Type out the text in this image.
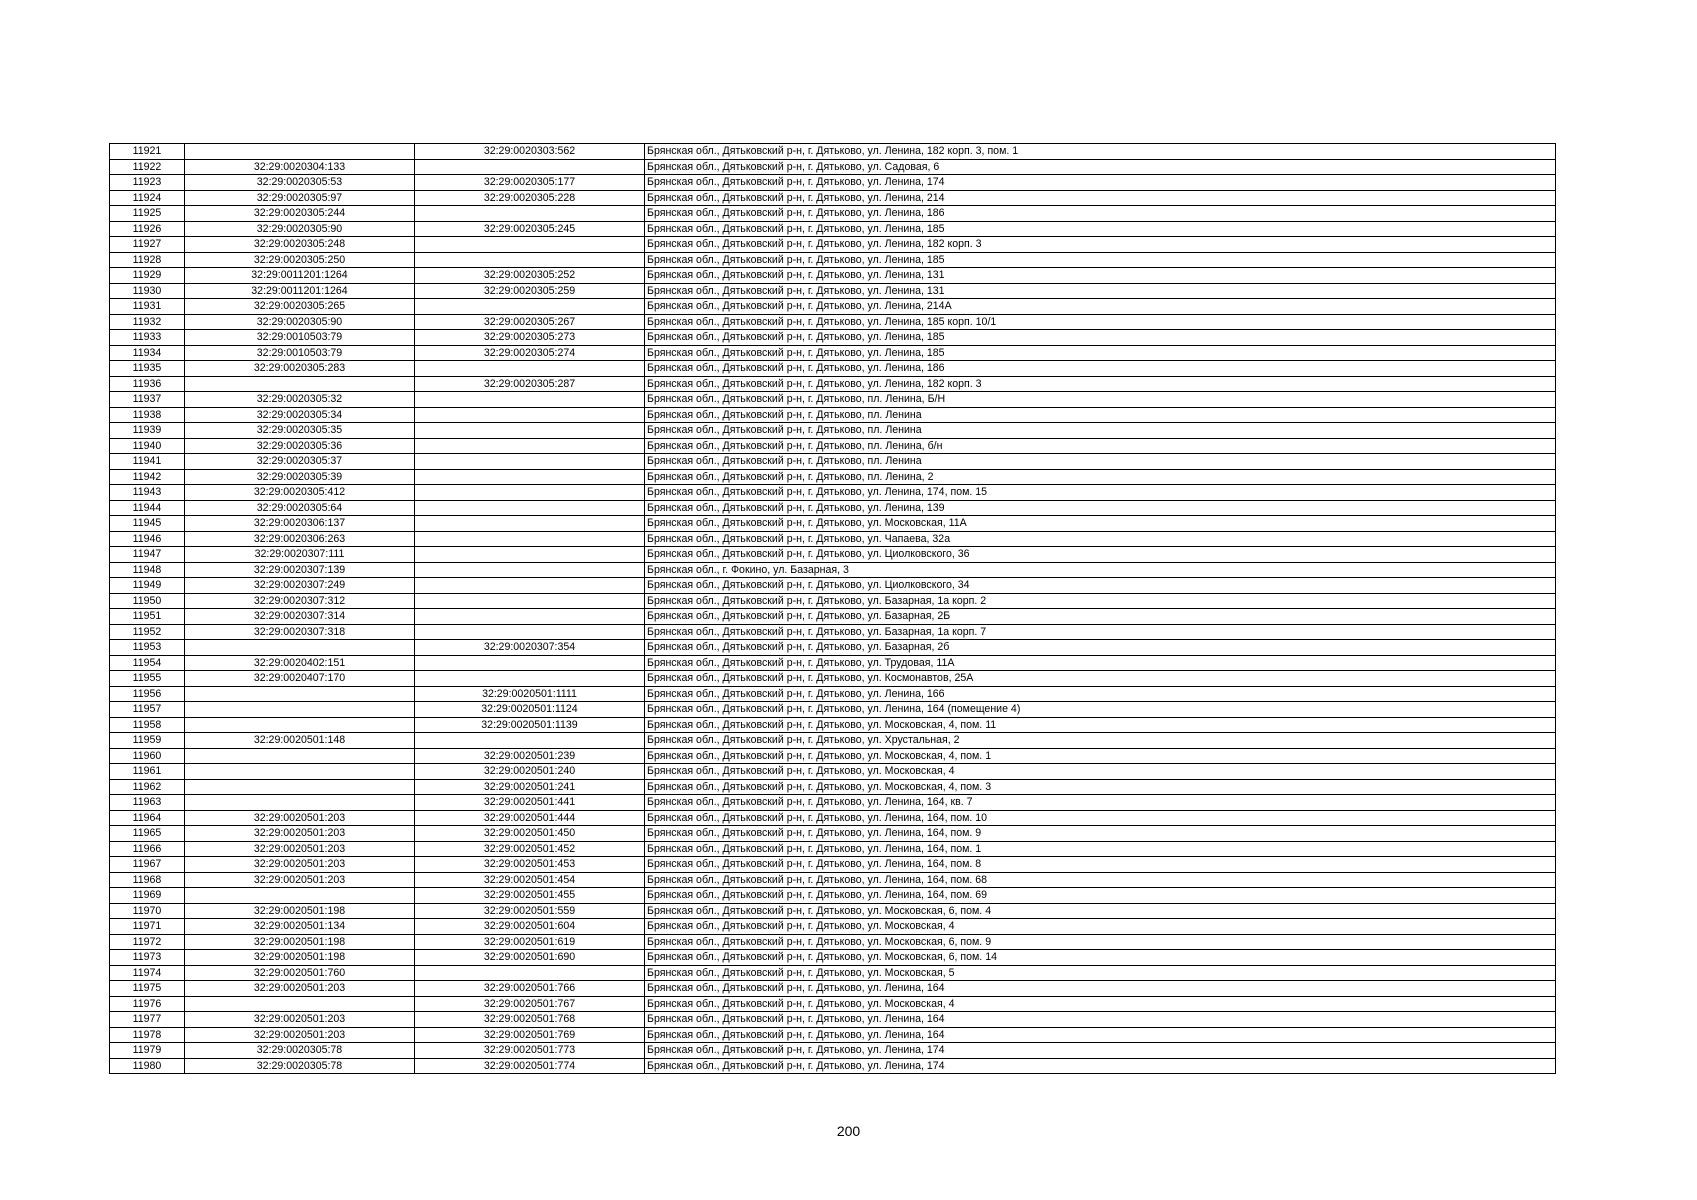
11921		32:29:0020303:562	Брянская обл., Дятьковский р-н, г. Дятьково, ул. Ленина, 182 корп. 3, пом. 1
11922	32:29:0020304:133		Брянская обл., Дятьковский р-н, г. Дятьково, ул. Садовая, 6
11923	32:29:0020305:53	32:29:0020305:177	Брянская обл., Дятьковский р-н, г. Дятьково, ул. Ленина, 174
11924	32:29:0020305:97	32:29:0020305:228	Брянская обл., Дятьковский р-н, г. Дятьково, ул. Ленина, 214
11925	32:29:0020305:244		Брянская обл., Дятьковский р-н, г. Дятьково, ул. Ленина, 186
11926	32:29:0020305:90	32:29:0020305:245	Брянская обл., Дятьковский р-н, г. Дятьково, ул. Ленина, 185
11927	32:29:0020305:248		Брянская обл., Дятьковский р-н, г. Дятьково, ул. Ленина, 182 корп. 3
11928	32:29:0020305:250		Брянская обл., Дятьковский р-н, г. Дятьково, ул. Ленина, 185
11929	32:29:0011201:1264	32:29:0020305:252	Брянская обл., Дятьковский р-н, г. Дятьково, ул. Ленина, 131
11930	32:29:0011201:1264	32:29:0020305:259	Брянская обл., Дятьковский р-н, г. Дятьково, ул. Ленина, 131
11931	32:29:0020305:265		Брянская обл., Дятьковский р-н, г. Дятьково, ул. Ленина, 214А
11932	32:29:0020305:90	32:29:0020305:267	Брянская обл., Дятьковский р-н, г. Дятьково, ул. Ленина, 185 корп. 10/1
11933	32:29:0010503:79	32:29:0020305:273	Брянская обл., Дятьковский р-н, г. Дятьково, ул. Ленина, 185
11934	32:29:0010503:79	32:29:0020305:274	Брянская обл., Дятьковский р-н, г. Дятьково, ул. Ленина, 185
11935	32:29:0020305:283		Брянская обл., Дятьковский р-н, г. Дятьково, ул. Ленина, 186
11936		32:29:0020305:287	Брянская обл., Дятьковский р-н, г. Дятьково, ул. Ленина, 182 корп. 3
11937	32:29:0020305:32		Брянская обл., Дятьковский р-н, г. Дятьково, пл. Ленина, Б/Н
11938	32:29:0020305:34		Брянская обл., Дятьковский р-н, г. Дятьково, пл. Ленина
11939	32:29:0020305:35		Брянская обл., Дятьковский р-н, г. Дятьково, пл. Ленина
11940	32:29:0020305:36		Брянская обл., Дятьковский р-н, г. Дятьково, пл. Ленина, б/н
11941	32:29:0020305:37		Брянская обл., Дятьковский р-н, г. Дятьково, пл. Ленина
11942	32:29:0020305:39		Брянская обл., Дятьковский р-н, г. Дятьково, пл. Ленина, 2
11943	32:29:0020305:412		Брянская обл., Дятьковский р-н, г. Дятьково, ул. Ленина, 174, пом. 15
11944	32:29:0020305:64		Брянская обл., Дятьковский р-н, г. Дятьково, ул. Ленина, 139
11945	32:29:0020306:137		Брянская обл., Дятьковский р-н, г. Дятьково, ул. Московская, 11А
11946	32:29:0020306:263		Брянская обл., Дятьковский р-н, г. Дятьково, ул. Чапаева, 32а
11947	32:29:0020307:111		Брянская обл., Дятьковский р-н, г. Дятьково, ул. Циолковского, 36
11948	32:29:0020307:139		Брянская обл., г. Фокино, ул. Базарная, 3
11949	32:29:0020307:249		Брянская обл., Дятьковский р-н, г. Дятьково, ул. Циолковского, 34
11950	32:29:0020307:312		Брянская обл., Дятьковский р-н, г. Дятьково, ул. Базарная, 1а корп. 2
11951	32:29:0020307:314		Брянская обл., Дятьковский р-н, г. Дятьково, ул. Базарная, 2Б
11952	32:29:0020307:318		Брянская обл., Дятьковский р-н, г. Дятьково, ул. Базарная, 1а корп. 7
11953		32:29:0020307:354	Брянская обл., Дятьковский р-н, г. Дятьково, ул. Базарная, 2б
11954	32:29:0020402:151		Брянская обл., Дятьковский р-н, г. Дятьково, ул. Трудовая, 11А
11955	32:29:0020407:170		Брянская обл., Дятьковский р-н, г. Дятьково, ул. Космонавтов, 25А
11956		32:29:0020501:1111	Брянская обл., Дятьковский р-н, г. Дятьково, ул. Ленина, 166
11957		32:29:0020501:1124	Брянская обл., Дятьковский р-н, г. Дятьково, ул. Ленина, 164 (помещение 4)
11958		32:29:0020501:1139	Брянская обл., Дятьковский р-н, г. Дятьково, ул. Московская, 4, пом. 11
11959	32:29:0020501:148		Брянская обл., Дятьковский р-н, г. Дятьково, ул. Хрустальная, 2
11960		32:29:0020501:239	Брянская обл., Дятьковский р-н, г. Дятьково, ул. Московская, 4, пом. 1
11961		32:29:0020501:240	Брянская обл., Дятьковский р-н, г. Дятьково, ул. Московская, 4
11962		32:29:0020501:241	Брянская обл., Дятьковский р-н, г. Дятьково, ул. Московская, 4, пом. 3
11963		32:29:0020501:441	Брянская обл., Дятьковский р-н, г. Дятьково, ул. Ленина, 164, кв. 7
11964	32:29:0020501:203	32:29:0020501:444	Брянская обл., Дятьковский р-н, г. Дятьково, ул. Ленина, 164, пом. 10
11965	32:29:0020501:203	32:29:0020501:450	Брянская обл., Дятьковский р-н, г. Дятьково, ул. Ленина, 164, пом. 9
11966	32:29:0020501:203	32:29:0020501:452	Брянская обл., Дятьковский р-н, г. Дятьково, ул. Ленина, 164, пом. 1
11967	32:29:0020501:203	32:29:0020501:453	Брянская обл., Дятьковский р-н, г. Дятьково, ул. Ленина, 164, пом. 8
11968	32:29:0020501:203	32:29:0020501:454	Брянская обл., Дятьковский р-н, г. Дятьково, ул. Ленина, 164, пом. 68
11969		32:29:0020501:455	Брянская обл., Дятьковский р-н, г. Дятьково, ул. Ленина, 164, пом. 69
11970	32:29:0020501:198	32:29:0020501:559	Брянская обл., Дятьковский р-н, г. Дятьково, ул. Московская, 6, пом. 4
11971	32:29:0020501:134	32:29:0020501:604	Брянская обл., Дятьковский р-н, г. Дятьково, ул. Московская, 4
11972	32:29:0020501:198	32:29:0020501:619	Брянская обл., Дятьковский р-н, г. Дятьково, ул. Московская, 6, пом. 9
11973	32:29:0020501:198	32:29:0020501:690	Брянская обл., Дятьковский р-н, г. Дятьково, ул. Московская, 6, пом. 14
11974	32:29:0020501:760		Брянская обл., Дятьковский р-н, г. Дятьково, ул. Московская, 5
11975	32:29:0020501:203	32:29:0020501:766	Брянская обл., Дятьковский р-н, г. Дятьково, ул. Ленина, 164
11976		32:29:0020501:767	Брянская обл., Дятьковский р-н, г. Дятьково, ул. Московская, 4
11977	32:29:0020501:203	32:29:0020501:768	Брянская обл., Дятьковский р-н, г. Дятьково, ул. Ленина, 164
11978	32:29:0020501:203	32:29:0020501:769	Брянская обл., Дятьковский р-н, г. Дятьково, ул. Ленина, 164
11979	32:29:0020305:78	32:29:0020501:773	Брянская обл., Дятьковский р-н, г. Дятьково, ул. Ленина, 174
11980	32:29:0020305:78	32:29:0020501:774	Брянская обл., Дятьковский р-н, г. Дятьково, ул. Ленина, 174
200
